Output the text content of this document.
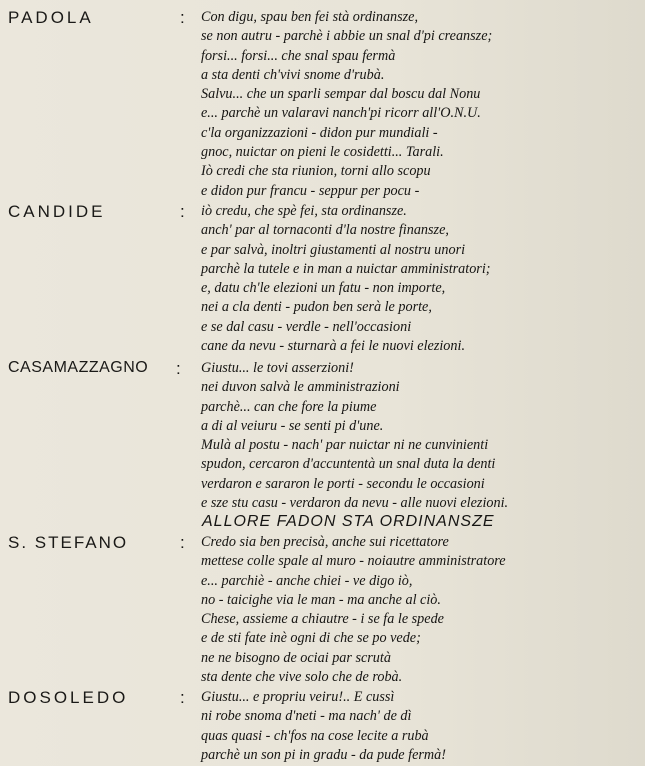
PADOLA	: Con digu, spau ben fei stà ordinansze,
se non autru - parchè i abbie un snal d'pi creansze;
forsi... forsi... che snal spau fermà
a sta denti ch'vivi snome d'rubà.
Salvu... che un sparli sempar dal boscu dal Nonu
e... parchè un valaravi nanch'pi ricorr all'O.N.U.
c'la organizzazioni - didon pur mundiali -
gnoc, nuictar on pieni le cosidetti... Tarali.
Iò credi che sta riunion, torni allo scopu
e didon pur francu - seppur per pocu -
CANDIDE	: iò credu, che spè fei, sta ordinansze.
anch' par al tornaconti d'la nostre finansze,
e par salvà, inoltri giustamenti al nostru unori
parchè la tutele e in man a nuictar amministratori;
e, datu ch'le elezioni un fatu - non importe,
nei a cla denti - pudon ben serà le porte,
e se dal casu - verdle - nell'occasioni
cane da nevu - sturnarà a fei le nuovi elezioni.
CASAMAZZAGNO : Giustu... le tovi asserzioni!
nei duvon salvà le amministrazioni
parchè... can che fore la piume
a di al veiuru - se senti pi d'une.
Mulà al postu - nach' par nuictar ni ne cunvinienti
spudon, cercaron d'accuntentà un snal duta la denti
verdaron e sararon le porti - secondu le occasioni
e sze stu casu - verdaron da nevu - alle nuovi elezioni.
ALLORE FADON STA ORDINANSZE
S. STEFANO	: Credo sia ben precisà, anche sui ricettatore
mettese colle spale al muro - noiautre amministratore
e... parchiè - anche chiei - ve digo iò,
no - taicighe via le man - ma anche al ciò.
Chese, assieme a chiautre - i se fa le spede
e de sti fate inè ogni di che se po vede;
ne ne bisogno de ociai par scrutà
sta dente che vive solo che de robà.
DOSOLEDO	: Giustu... e propriu veiru!.. E cussì
ni robe snoma d'neti - ma nach' de dì
quas quasi - ch'fos na cose lecite a rubà
parchè un son pi in gradu - da pude fermà!
